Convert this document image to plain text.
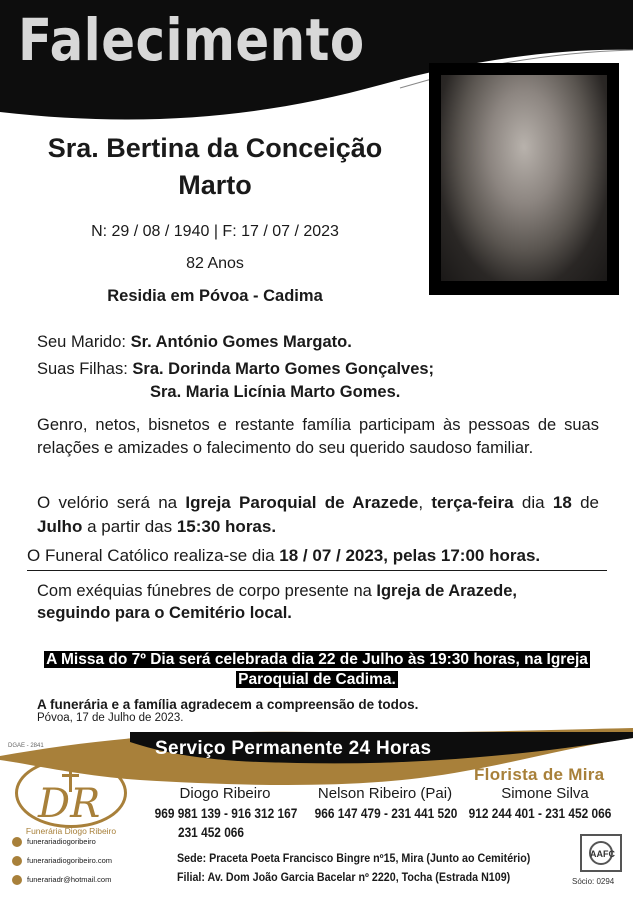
Falecimento
Sra. Bertina da Conceição
Marto
N: 29 / 08 / 1940 | F: 17 / 07 / 2023
82 Anos
Residia em Póvoa - Cadima
Seu Marido: Sr. António Gomes Margato.
Suas Filhas: Sra. Dorinda Marto Gomes Gonçalves;
Sra. Maria Licínia Marto Gomes.
Genro, netos, bisnetos e restante família participam às pessoas de suas relações e amizades o falecimento do seu querido saudoso familiar.
O velório será na Igreja Paroquial de Arazede, terça-feira dia 18 de Julho a partir das 15:30 horas.
O Funeral Católico realiza-se dia 18 / 07 / 2023, pelas 17:00 horas.
Com exéquias fúnebres de corpo presente na Igreja de Arazede,
seguindo para o Cemitério local.
A Missa do 7º Dia será celebrada dia 22 de Julho às 19:30 horas, na Igreja
Paroquial de Cadima.
A funerária e a família agradecem a compreensão de todos.
Póvoa, 17 de Julho de 2023.
DGAE - 2841	Serviço Permanente 24 Horas
DR
Funerária Diogo Ribeiro
funerariadiogoribeiro
funerariadiogoribeiro.com
funerariadr@hotmail.com
Diogo Ribeiro
969 981 139 - 916 312 167
231 452 066
Nelson Ribeiro (Pai)
966 147 479 - 231 441 520
Florista de Mira
Simone Silva
912 244 401 - 231 452 066
Sede: Praceta Poeta Francisco Bingre nº15, Mira (Junto ao Cemitério)
Filial: Av. Dom João Garcia Bacelar nº 2220, Tocha (Estrada N109)
AAFC
Sócio: 0294
